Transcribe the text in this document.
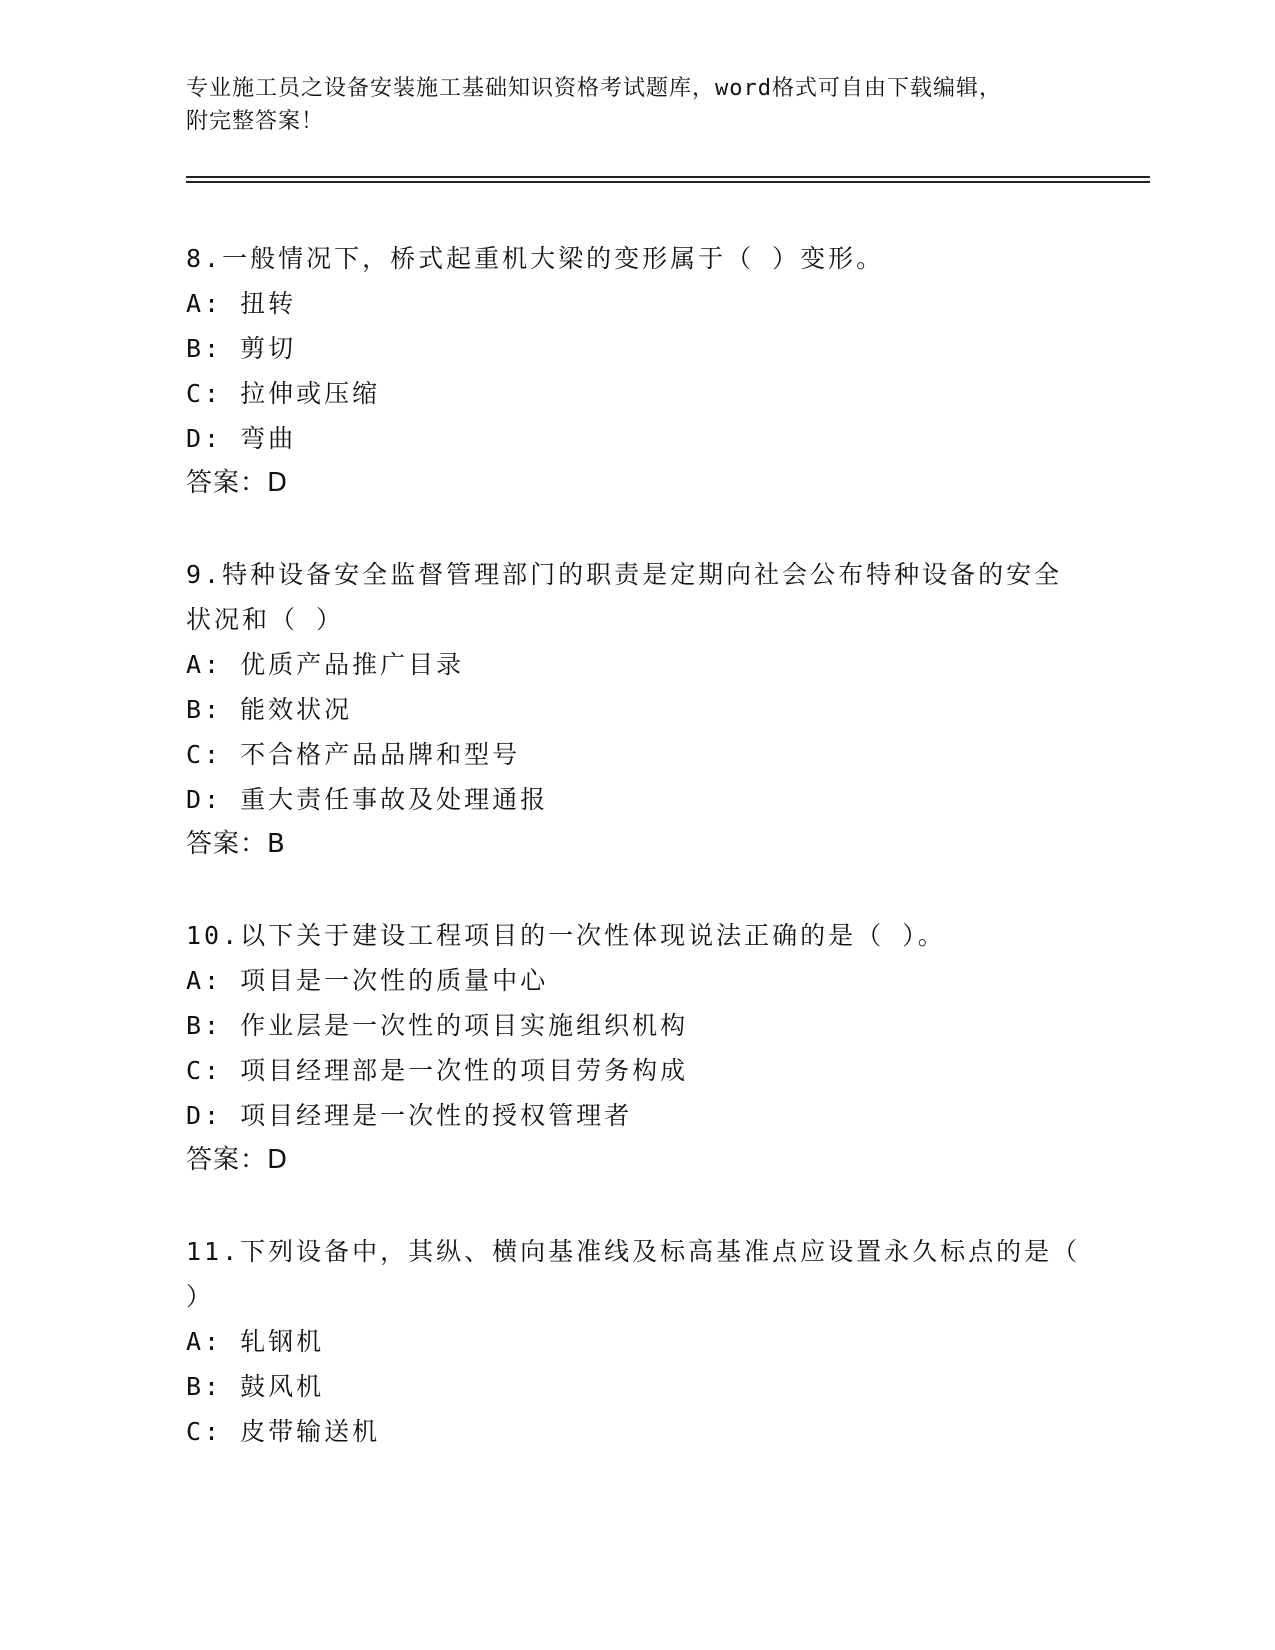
专业施工员之设备安装施工基础知识资格考试题库，word格式可自由下载编辑，
附完整答案！
8.一般情况下，桥式起重机大梁的变形属于（ ）变形。
A: 扭转
B: 剪切
C: 拉伸或压缩
D: 弯曲
答案：D
9.特种设备安全监督管理部门的职责是定期向社会公布特种设备的安全状况和（ ）
A: 优质产品推广目录
B: 能效状况
C: 不合格产品品牌和型号
D: 重大责任事故及处理通报
答案：B
10.以下关于建设工程项目的一次性体现说法正确的是（ ）。
A: 项目是一次性的质量中心
B: 作业层是一次性的项目实施组织机构
C: 项目经理部是一次性的项目劳务构成
D: 项目经理是一次性的授权管理者
答案：D
11.下列设备中，其纵、横向基准线及标高基准点应设置永久标点的是（ ）
A: 轧钢机
B: 鼓风机
C: 皮带输送机
